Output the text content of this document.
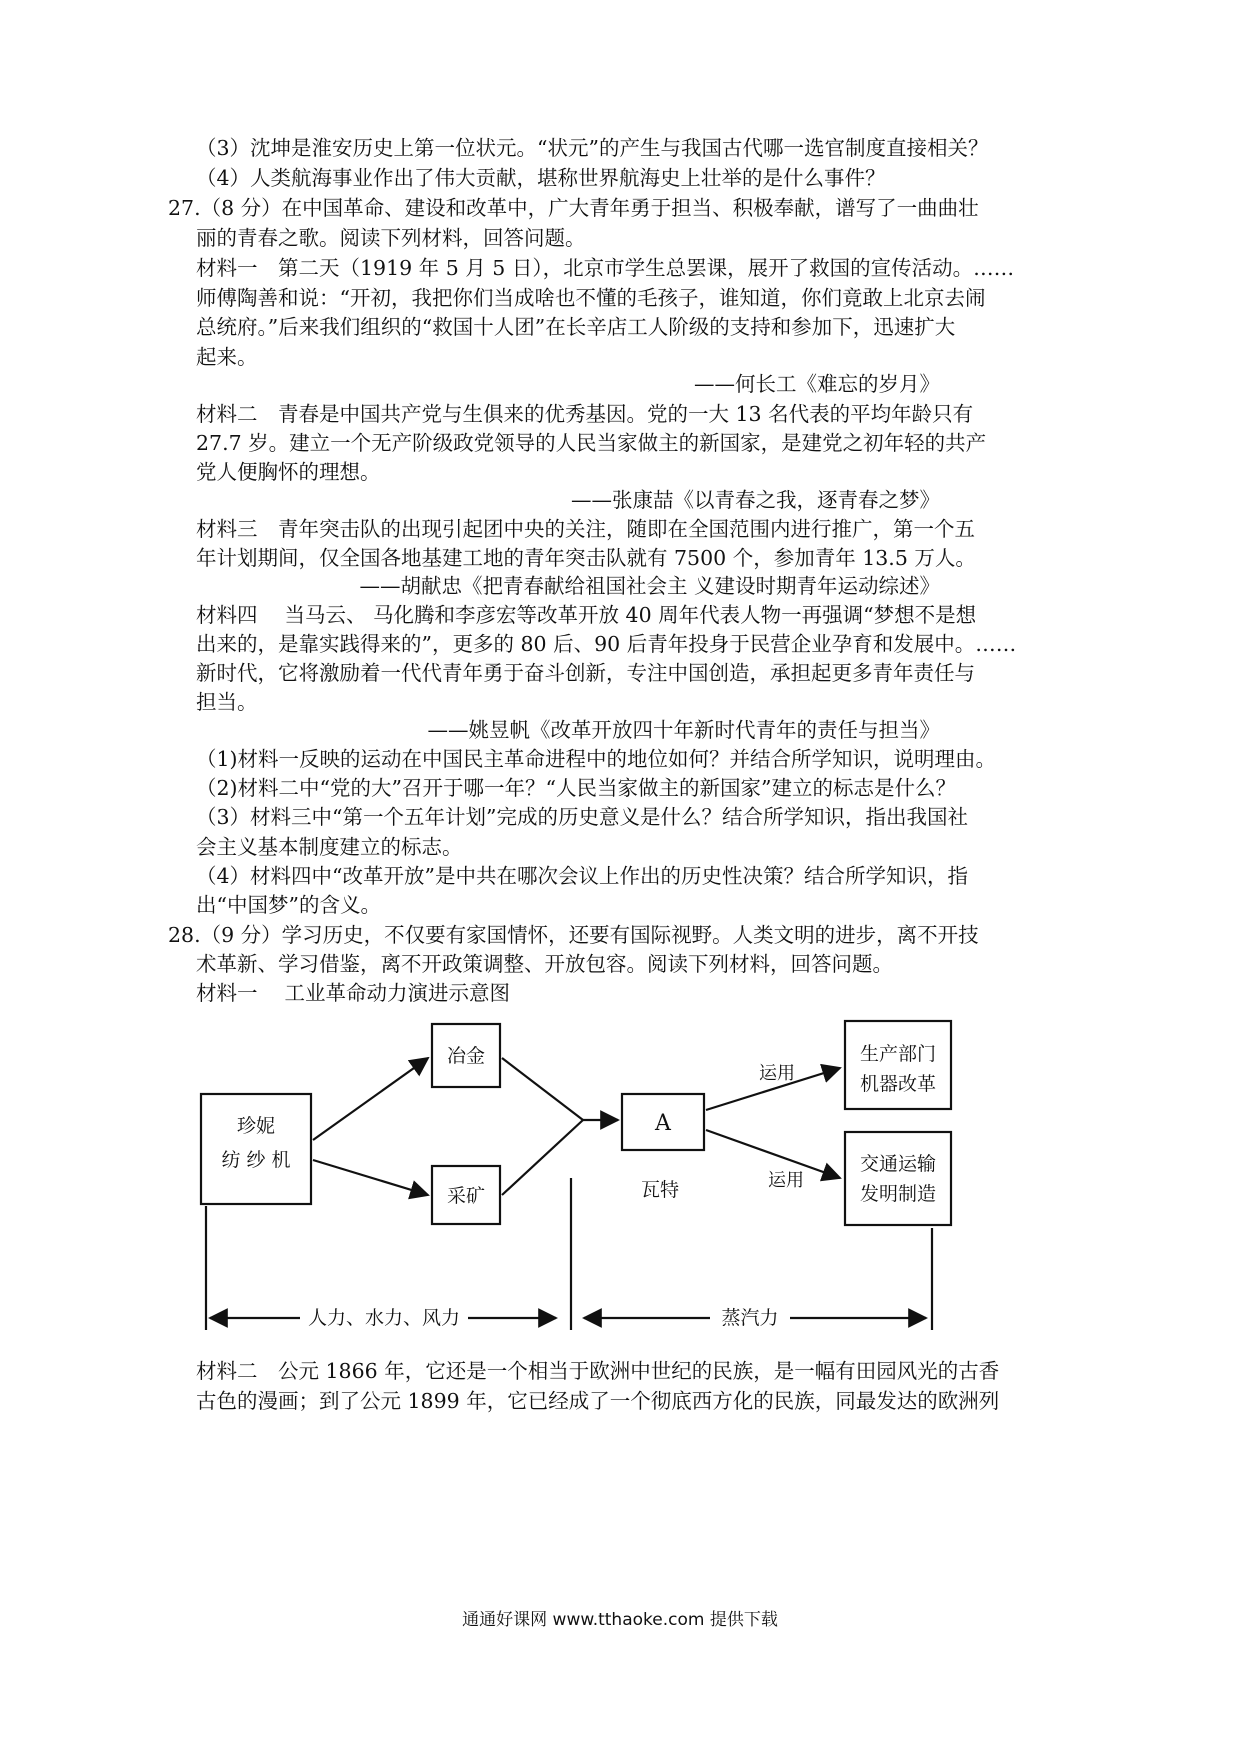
（3）沈坤是淮安历史上第一位状元。“状元”的产生与我国古代哪一选官制度直接相关？
（4）人类航海事业作出了伟大贡献，堪称世界航海史上壮举的是什么事件？
27.（8 分）在中国革命、建设和改革中，广大青年勇于担当、积极奉献，谱写了一曲曲壮
丽的青春之歌。阅读下列材料，回答问题。
材料一　第二天（1919 年 5 月 5 日），北京市学生总罢课，展开了救国的宣传活动。……
师傅陶善和说：“开初，我把你们当成啥也不懂的毛孩子，谁知道，你们竟敢上北京去闹
总统府。”后来我们组织的“救国十人团”在长辛店工人阶级的支持和参加下，迅速扩大
起来。
——何长工《难忘的岁月》
材料二　青春是中国共产党与生俱来的优秀基因。党的一大 13 名代表的平均年龄只有
27.7 岁。建立一个无产阶级政党领导的人民当家做主的新国家，是建党之初年轻的共产
党人便胸怀的理想。
——张康喆《以青春之我，逐青春之梦》
材料三　青年突击队的出现引起团中央的关注，随即在全国范围内进行推广，第一个五
年计划期间，仅全国各地基建工地的青年突击队就有 7500 个，参加青年 13.5 万人。
——胡献忠《把青春献给祖国社会主 义建设时期青年运动综述》
材料四　 当马云、 马化腾和李彦宏等改革开放 40 周年代表人物一再强调“梦想不是想
出来的，是靠实践得来的”，更多的 80 后、90 后青年投身于民营企业孕育和发展中。……
新时代，它将激励着一代代青年勇于奋斗创新，专注中国创造，承担起更多青年责任与
担当。
——姚昱帆《改革开放四十年新时代青年的责任与担当》
（1)材料一反映的运动在中国民主革命进程中的地位如何？并结合所学知识，说明理由。
（2)材料二中“党的大”召开于哪一年？“人民当家做主的新国家”建立的标志是什么？
（3）材料三中“第一个五年计划”完成的历史意义是什么？结合所学知识，指出我国社
会主义基本制度建立的标志。
（4）材料四中“改革开放”是中共在哪次会议上作出的历史性决策？结合所学知识，指
出“中国梦”的含义。
28.（9 分）学习历史，不仅要有家国情怀，还要有国际视野。人类文明的进步，离不开技
术革新、学习借鉴，离不开政策调整、开放包容。阅读下列材料，回答问题。
材料一　 工业革命动力演进示意图
珍妮
纺 纱 机
冶金
采矿
A
瓦特
运用
运用
生产部门
机器改革
交通运输
发明制造
人力、水力、风力	蒸汽力
材料二　公元 1866 年，它还是一个相当于欧洲中世纪的民族，是一幅有田园风光的古香
古色的漫画；到了公元 1899 年，它已经成了一个彻底西方化的民族，同最发达的欧洲列
通通好课网 www.tthaoke.com 提供下载
